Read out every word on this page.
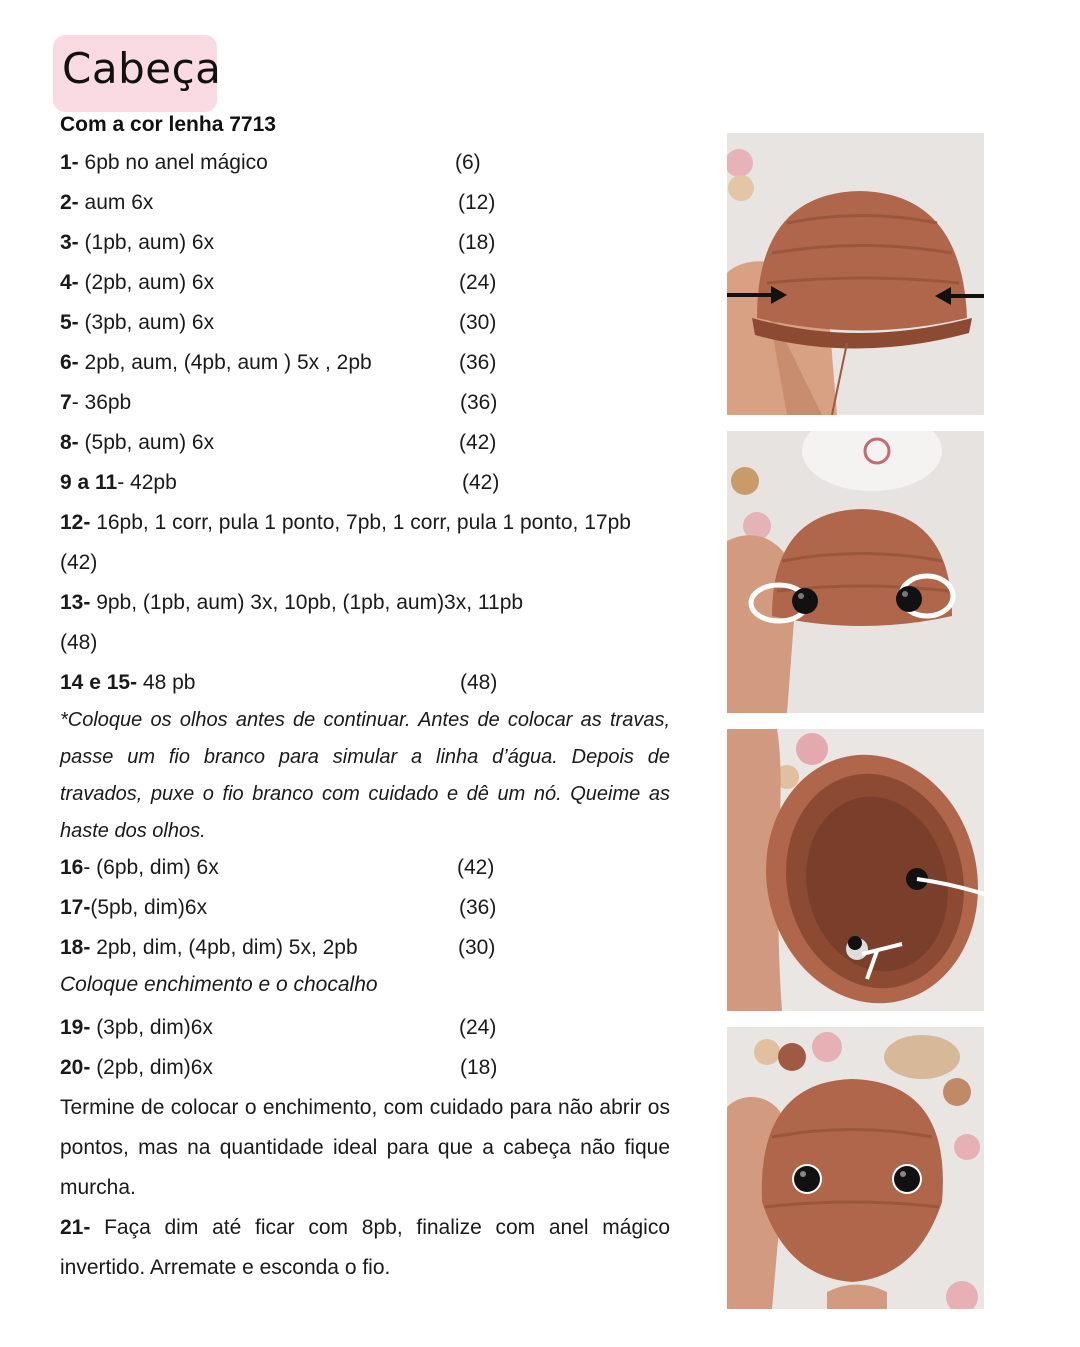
Cabeça
Com a cor lenha 7713
1- 6pb no anel mágico	(6)
2- aum 6x	(12)
3- (1pb, aum) 6x	(18)
4- (2pb, aum) 6x	(24)
5- (3pb, aum) 6x	(30)
6- 2pb, aum, (4pb, aum ) 5x , 2pb	(36)
7- 36pb	(36)
8- (5pb, aum) 6x	(42)
9 a 11- 42pb	(42)
12- 16pb, 1 corr, pula 1 ponto, 7pb, 1 corr, pula 1 ponto, 17pb
(42)
13- 9pb, (1pb, aum) 3x, 10pb, (1pb, aum)3x, 11pb
(48)
14 e 15- 48 pb	(48)
*Coloque os olhos antes de continuar. Antes de colocar as travas, passe um fio branco para simular a linha d’água. Depois de travados, puxe o fio branco com cuidado e dê um nó. Queime as haste dos olhos.
16- (6pb, dim) 6x	(42)
17-(5pb, dim)6x	(36)
18- 2pb, dim, (4pb, dim) 5x, 2pb	(30)
Coloque enchimento e o chocalho
19- (3pb, dim)6x	(24)
20- (2pb, dim)6x	(18)
Termine de colocar o enchimento, com cuidado para não abrir os pontos, mas na quantidade ideal para que a cabeça não fique murcha.
21- Faça dim até ficar com 8pb, finalize com anel mágico invertido. Arremate e esconda o fio.
